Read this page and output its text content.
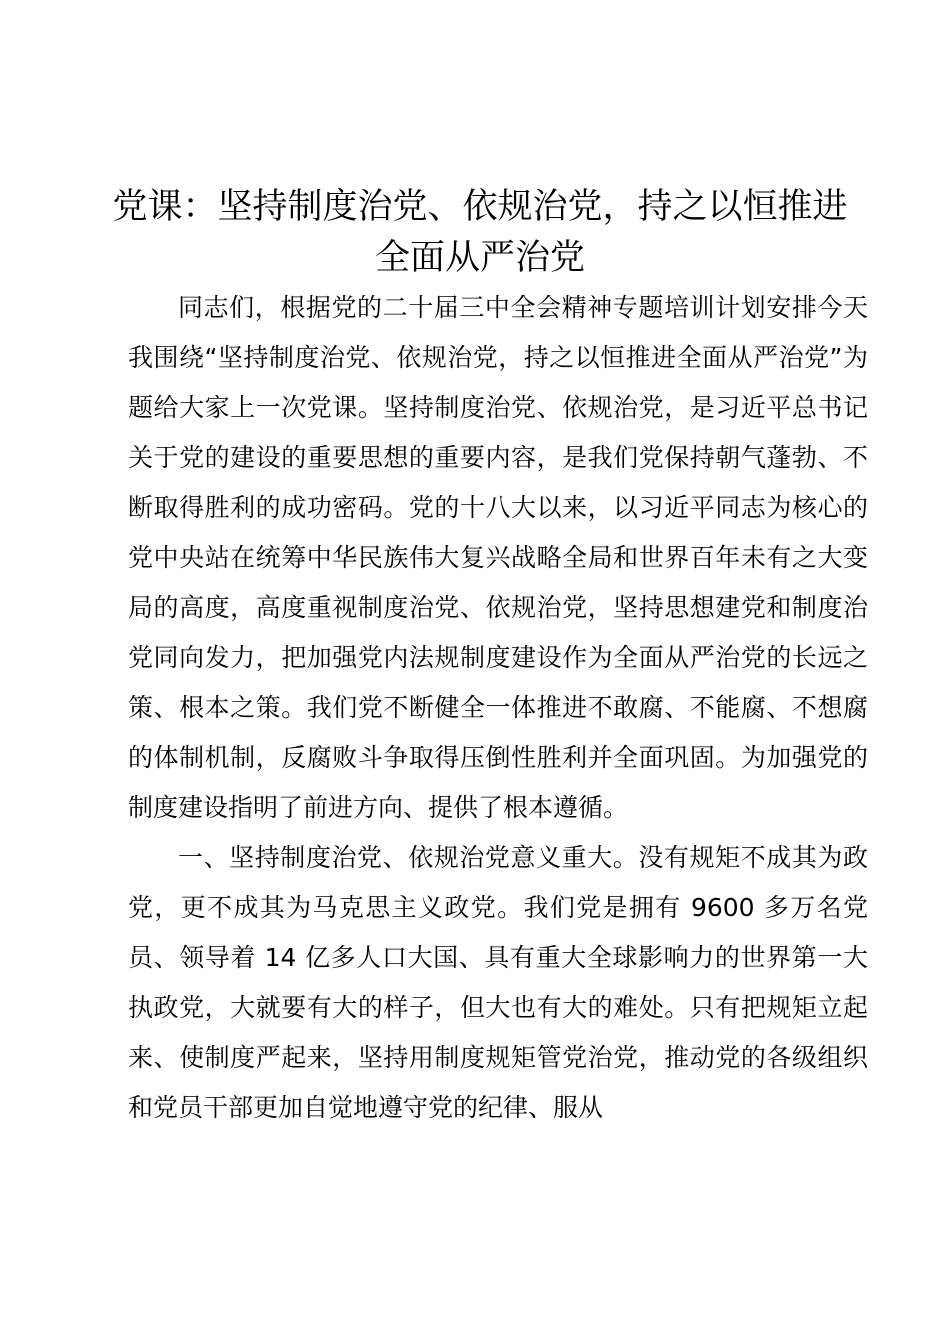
党课：坚持制度治党、依规治党，持之以恒推进全面从严治党

同志们，根据党的二十届三中全会精神专题培训计划安排今天我围绕“坚持制度治党、依规治党，持之以恒推进全面从严治党”为题给大家上一次党课。坚持制度治党、依规治党，是习近平总书记关于党的建设的重要思想的重要内容，是我们党保持朝气蓬勃、不断取得胜利的成功密码。党的十八大以来，以习近平同志为核心的党中央站在统筹中华民族伟大复兴战略全局和世界百年未有之大变局的高度，高度重视制度治党、依规治党，坚持思想建党和制度治党同向发力，把加强党内法规制度建设作为全面从严治党的长远之策、根本之策。我们党不断健全一体推进不敢腐、不能腐、不想腐的体制机制，反腐败斗争取得压倒性胜利并全面巩固。为加强党的制度建设指明了前进方向、提供了根本遵循。

一、坚持制度治党、依规治党意义重大。没有规矩不成其为政党，更不成其为马克思主义政党。我们党是拥有 9600 多万名党员、领导着 14 亿多人口大国、具有重大全球影响力的世界第一大执政党，大就要有大的样子，但大也有大的难处。只有把规矩立起来、使制度严起来，坚持用制度规矩管党治党，推动党的各级组织和党员干部更加自觉地遵守党的纪律、服从
